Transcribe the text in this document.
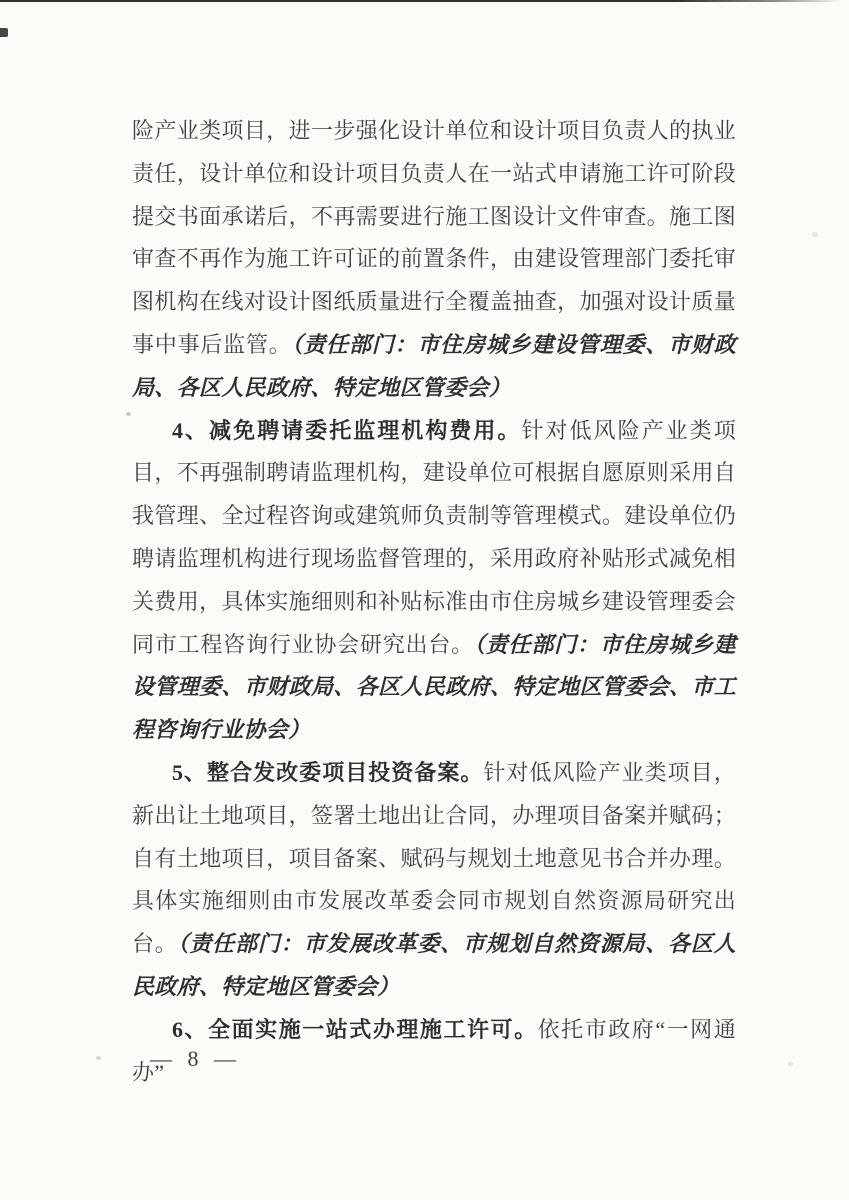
险产业类项目，进一步强化设计单位和设计项目负责人的执业责任，设计单位和设计项目负责人在一站式申请施工许可阶段提交书面承诺后，不再需要进行施工图设计文件审查。施工图审查不再作为施工许可证的前置条件，由建设管理部门委托审图机构在线对设计图纸质量进行全覆盖抽查，加强对设计质量事中事后监管。（责任部门：市住房城乡建设管理委、市财政局、各区人民政府、特定地区管委会）

4、减免聘请委托监理机构费用。针对低风险产业类项目，不再强制聘请监理机构，建设单位可根据自愿原则采用自我管理、全过程咨询或建筑师负责制等管理模式。建设单位仍聘请监理机构进行现场监督管理的，采用政府补贴形式减免相关费用，具体实施细则和补贴标准由市住房城乡建设管理委会同市工程咨询行业协会研究出台。（责任部门：市住房城乡建设管理委、市财政局、各区人民政府、特定地区管委会、市工程咨询行业协会）

5、整合发改委项目投资备案。针对低风险产业类项目，新出让土地项目，签署土地出让合同，办理项目备案并赋码；自有土地项目，项目备案、赋码与规划土地意见书合并办理。具体实施细则由市发展改革委会同市规划自然资源局研究出台。（责任部门：市发展改革委、市规划自然资源局、各区人民政府、特定地区管委会）

6、全面实施一站式办理施工许可。依托市政府“一网通办”

— 8 —
